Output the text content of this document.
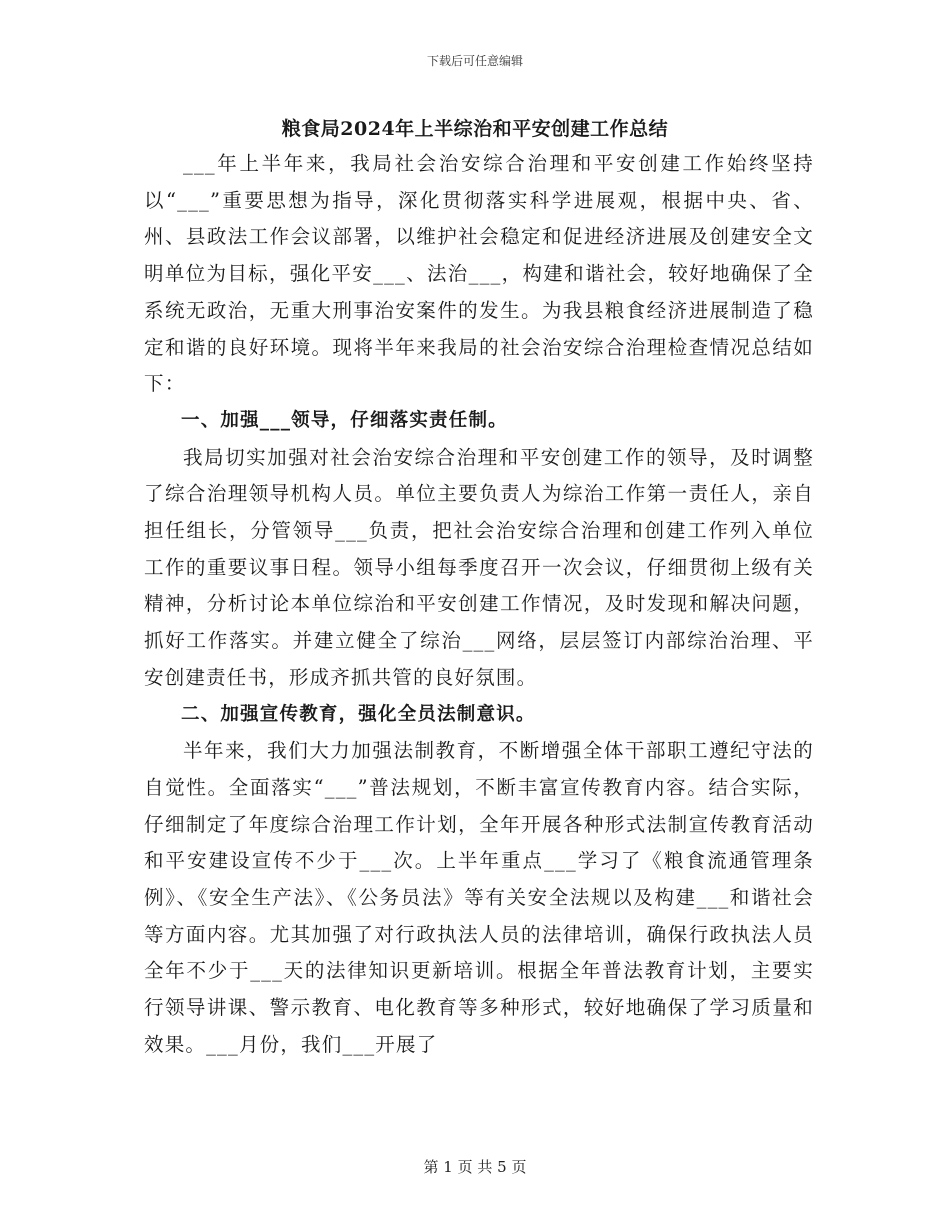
下载后可任意编辑
粮食局2024年上半综治和平安创建工作总结

___年上半年来，我局社会治安综合治理和平安创建工作始终坚持以“___”重要思想为指导，深化贯彻落实科学进展观，根据中央、省、州、县政法工作会议部署，以维护社会稳定和促进经济进展及创建安全文明单位为目标，强化平安___、法治___，构建和谐社会，较好地确保了全系统无政治，无重大刑事治安案件的发生。为我县粮食经济进展制造了稳定和谐的良好环境。现将半年来我局的社会治安综合治理检查情况总结如下：

一、加强___领导，仔细落实责任制。

我局切实加强对社会治安综合治理和平安创建工作的领导，及时调整了综合治理领导机构人员。单位主要负责人为综治工作第一责任人，亲自担任组长，分管领导___负责，把社会治安综合治理和创建工作列入单位工作的重要议事日程。领导小组每季度召开一次会议，仔细贯彻上级有关精神，分析讨论本单位综治和平安创建工作情况，及时发现和解决问题，抓好工作落实。并建立健全了综治___网络，层层签订内部综治治理、平安创建责任书，形成齐抓共管的良好氛围。

二、加强宣传教育，强化全员法制意识。

半年来，我们大力加强法制教育，不断增强全体干部职工遵纪守法的自觉性。全面落实“___”普法规划，不断丰富宣传教育内容。结合实际，仔细制定了年度综合治理工作计划，全年开展各种形式法制宣传教育活动和平安建设宣传不少于___次。上半年重点___学习了《粮食流通管理条例》、《安全生产法》、《公务员法》等有关安全法规以及构建___和谐社会等方面内容。尤其加强了对行政执法人员的法律培训，确保行政执法人员全年不少于___天的法律知识更新培训。根据全年普法教育计划，主要实行领导讲课、警示教育、电化教育等多种形式，较好地确保了学习质量和效果。___月份，我们___开展了

第 1 页 共 5 页
